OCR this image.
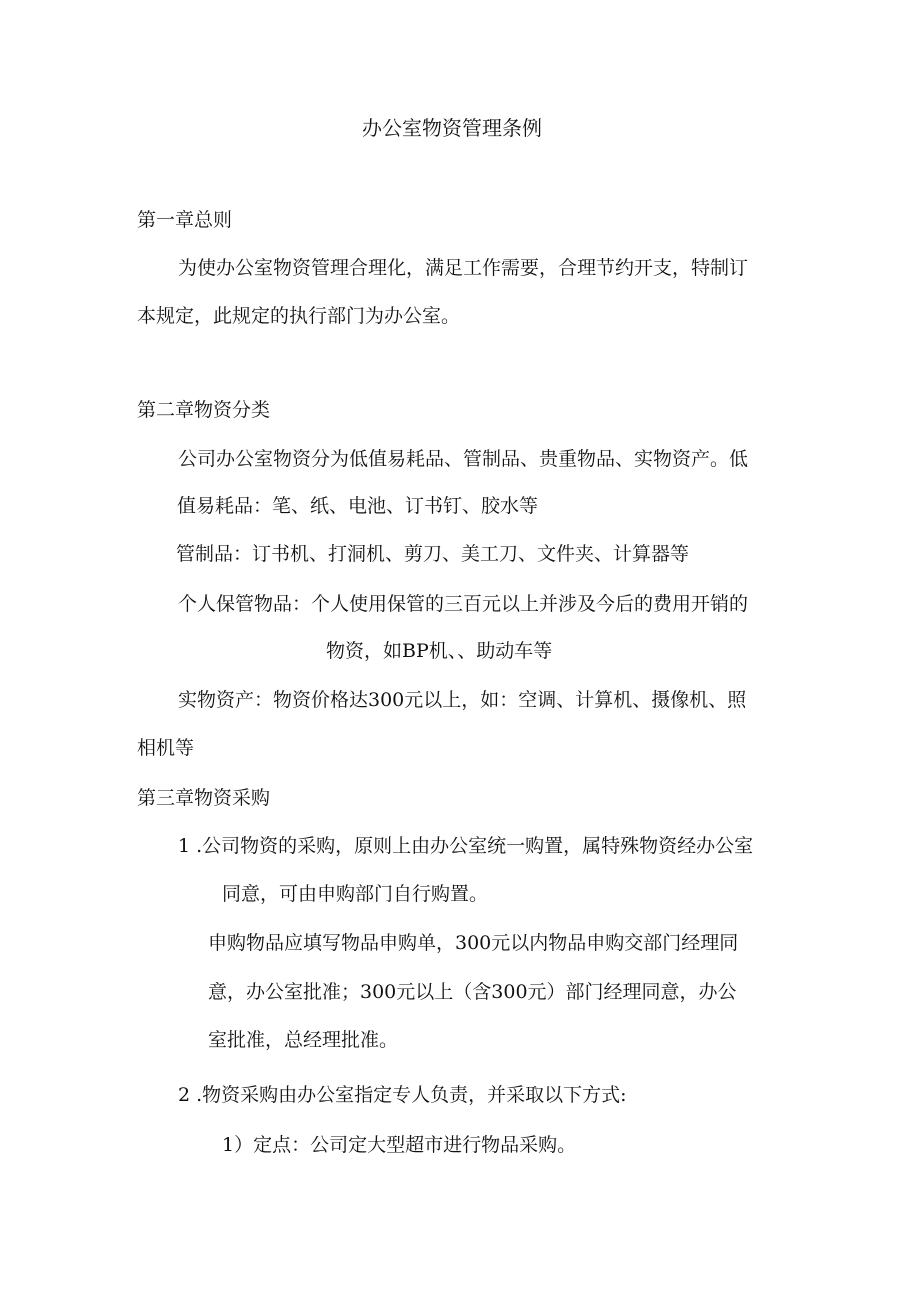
办公室物资管理条例

第一章总则

为使办公室物资管理合理化，满足工作需要，合理节约开支，特制订

本规定，此规定的执行部门为办公室。

第二章物资分类

公司办公室物资分为低值易耗品、管制品、贵重物品、实物资产。低

值易耗品：笔、纸、电池、订书钉、胶水等

管制品：订书机、打洞机、剪刀、美工刀、文件夹、计算器等

个人保管物品：个人使用保管的三百元以上并涉及今后的费用开销的

物资，如BP机、、助动车等

实物资产：物资价格达300元以上，如：空调、计算机、摄像机、照

相机等

第三章物资采购

1 .公司物资的采购，原则上由办公室统一购置，属特殊物资经办公室

同意，可由申购部门自行购置。

申购物品应填写物品申购单，300元以内物品申购交部门经理同

意，办公室批准；300元以上（含300元）部门经理同意，办公

室批准，总经理批准。

2 .物资采购由办公室指定专人负责，并采取以下方式:

1）定点：公司定大型超市进行物品采购。
